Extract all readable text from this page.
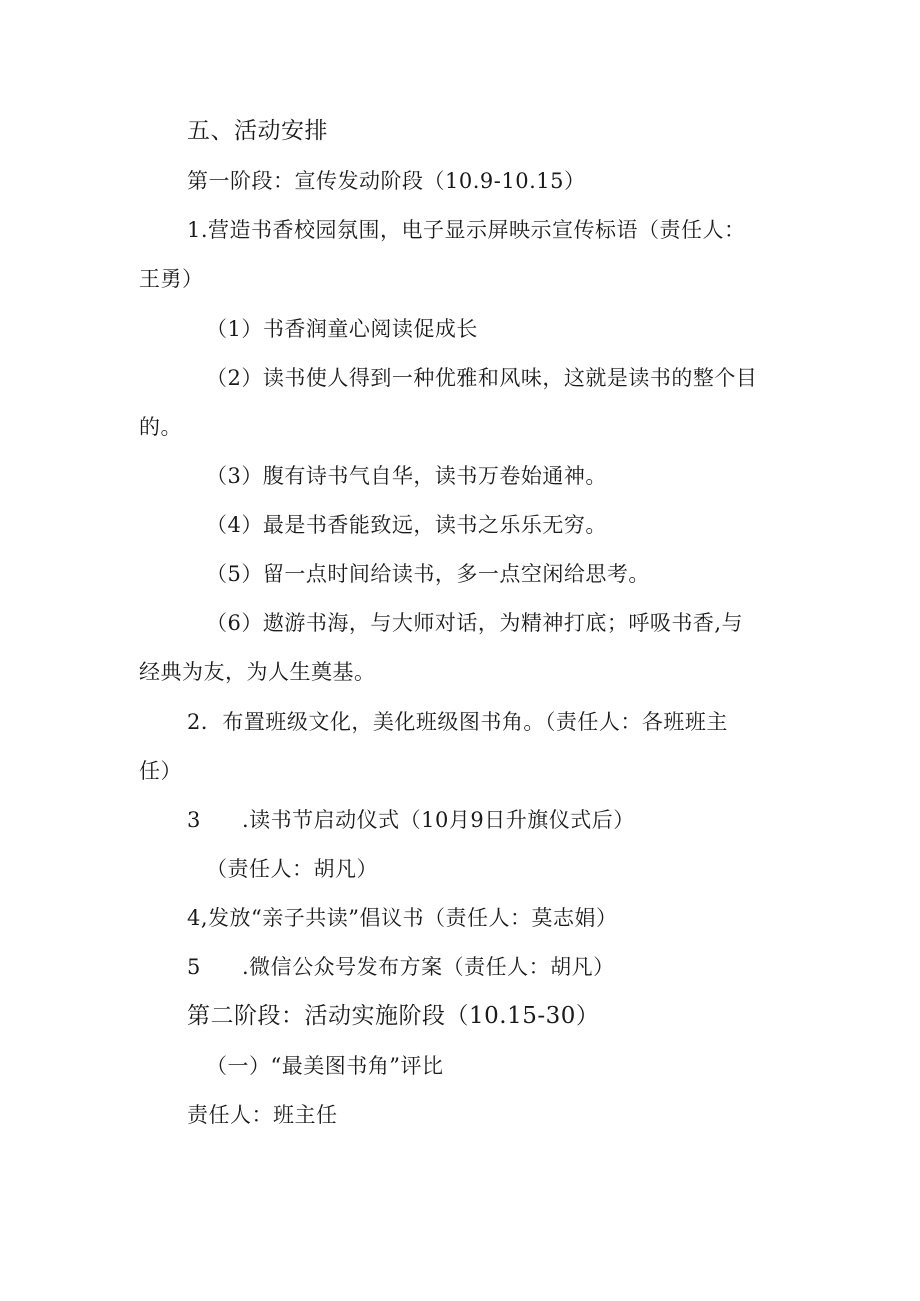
五、活动安排
第一阶段：宣传发动阶段（10.9-10.15）
1.营造书香校园氛围，电子显示屏映示宣传标语（责任人：
王勇）
（1）书香润童心阅读促成长
（2）读书使人得到一种优雅和风味，这就是读书的整个目
的。
（3）腹有诗书气自华，读书万卷始通神。
（4）最是书香能致远，读书之乐乐无穷。
（5）留一点时间给读书，多一点空闲给思考。
（6）遨游书海，与大师对话，为精神打底；呼吸书香,与
经典为友，为人生奠基。
2．布置班级文化，美化班级图书角。（责任人：各班班主
任）
3 .读书节启动仪式（10月9日升旗仪式后）
（责任人：胡凡）
4,发放“亲子共读”倡议书（责任人：莫志娟）
5 .微信公众号发布方案（责任人：胡凡）
第二阶段：活动实施阶段（10.15-30）
（一）“最美图书角”评比
责任人：班主任
